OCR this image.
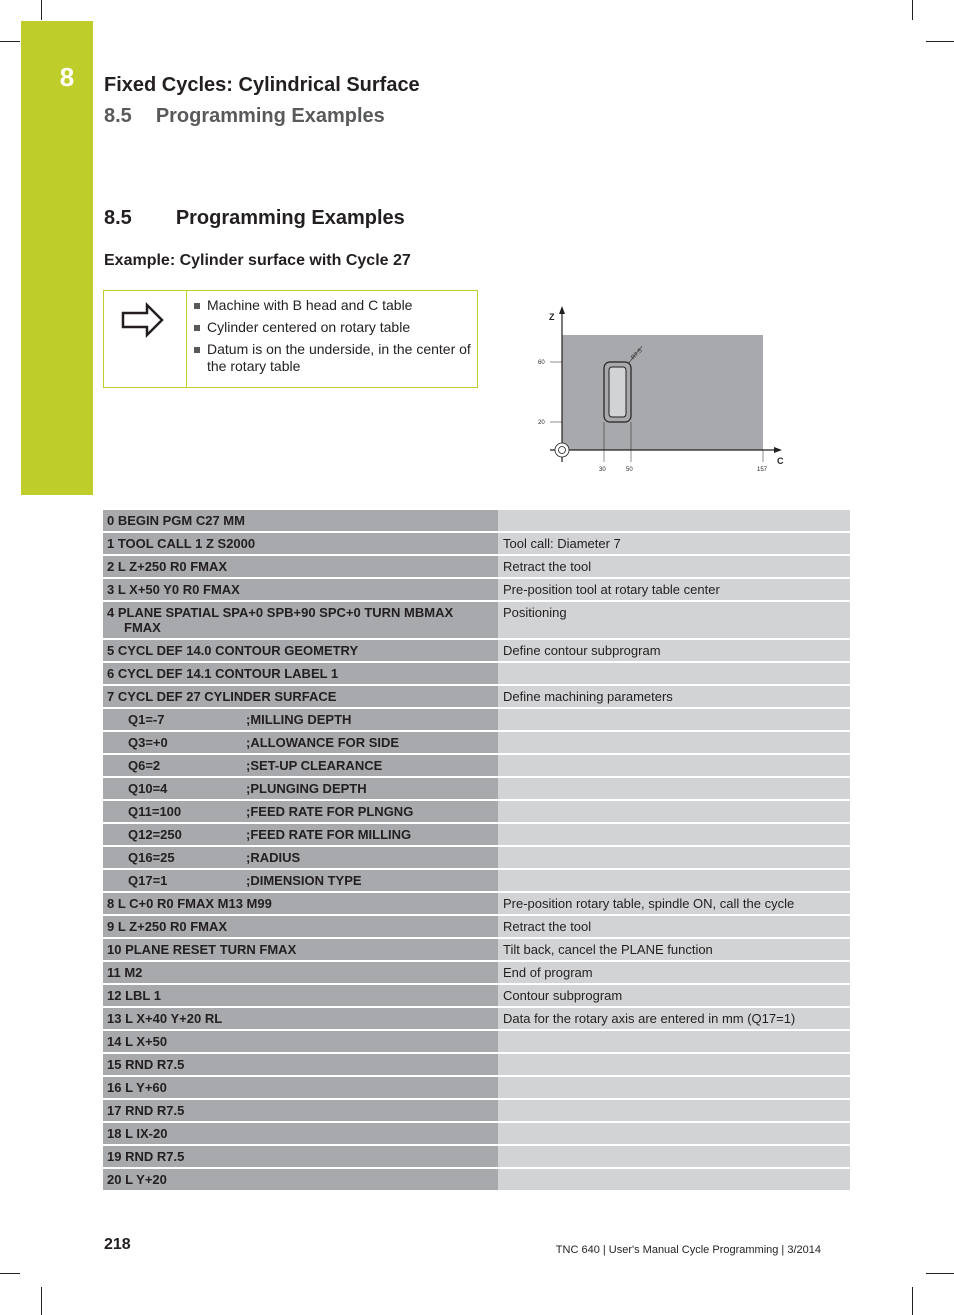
8	Fixed Cycles: Cylindrical Surface
8.5 Programming Examples
8.5 Programming Examples
Example: Cylinder surface with Cycle 27
Machine with B head and C table
Cylinder centered on rotary table
Datum is on the underside, in the center of the rotary table
Z
C
R7.5
60
20
30	50	157
0 BEGIN PGM C27 MM	
1 TOOL CALL 1 Z S2000	Tool call: Diameter 7
2 L Z+250 R0 FMAX	Retract the tool
3 L X+50 Y0 R0 FMAX	Pre-position tool at rotary table center
4 PLANE SPATIAL SPA+0 SPB+90 SPC+0 TURN MBMAX
FMAX	Positioning
5 CYCL DEF 14.0 CONTOUR GEOMETRY	Define contour subprogram
6 CYCL DEF 14.1 CONTOUR LABEL 1	
7 CYCL DEF 27 CYLINDER SURFACE	Define machining parameters
Q1=-7 ;MILLING DEPTH	
Q3=+0 ;ALLOWANCE FOR SIDE	
Q6=2 ;SET-UP CLEARANCE	
Q10=4 ;PLUNGING DEPTH	
Q11=100 ;FEED RATE FOR PLNGNG	
Q12=250 ;FEED RATE FOR MILLING	
Q16=25 ;RADIUS	
Q17=1 ;DIMENSION TYPE	
8 L C+0 R0 FMAX M13 M99	Pre-position rotary table, spindle ON, call the cycle
9 L Z+250 R0 FMAX	Retract the tool
10 PLANE RESET TURN FMAX	Tilt back, cancel the PLANE function
11 M2	End of program
12 LBL 1	Contour subprogram
13 L X+40 Y+20 RL	Data for the rotary axis are entered in mm (Q17=1)
14 L X+50	
15 RND R7.5	
16 L Y+60	
17 RND R7.5	
18 L IX-20	
19 RND R7.5	
20 L Y+20	
218	TNC 640 | User's Manual Cycle Programming | 3/2014
